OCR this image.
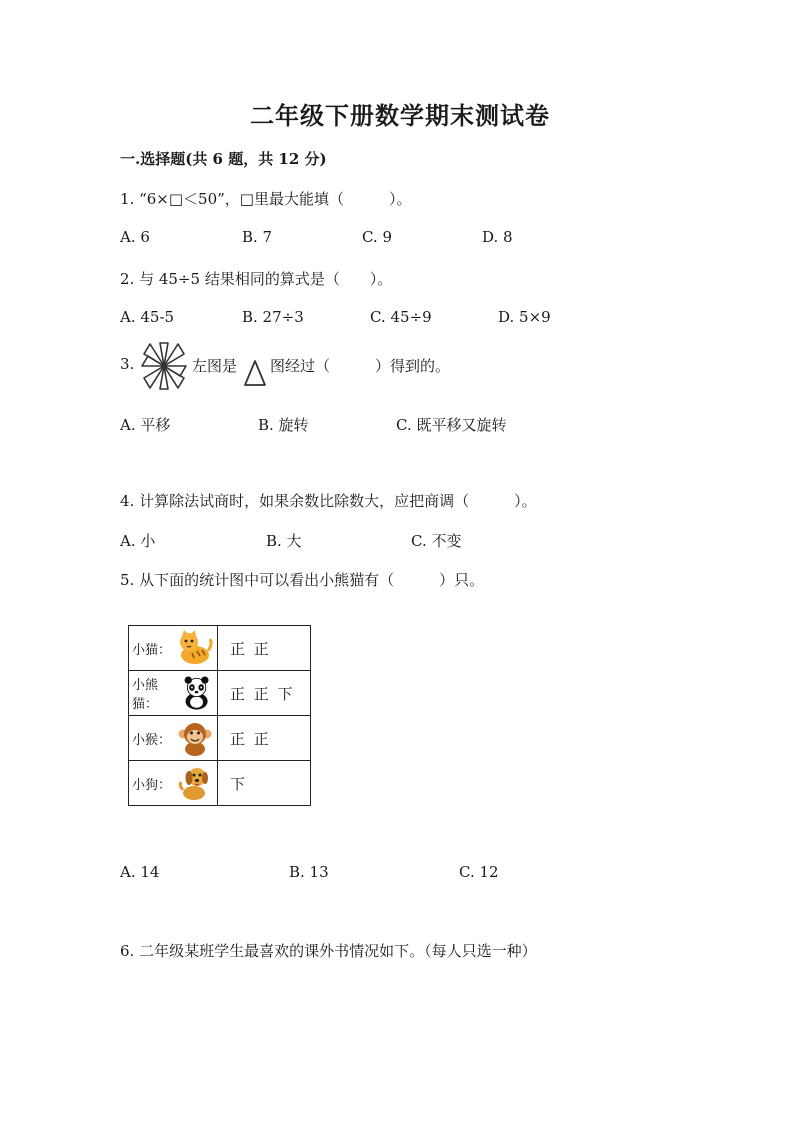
二年级下册数学期末测试卷
一.选择题(共 6 题，共 12 分)
1. “6×□＜50”，□里最大能填（　　　）。
A. 6	B. 7	C. 9	D. 8
2. 与 45÷5 结果相同的算式是（　　）。
A. 45-5	B. 27÷3	C. 45÷9	D. 5×9
3.	左图是 图经过（　　　）得到的。
A. 平移	B. 旋转	C. 既平移又旋转
4. 计算除法试商时，如果余数比除数大，应把商调（　　　）。
A. 小	B. 大	C. 不变
5. 从下面的统计图中可以看出小熊猫有（　　　）只。
小猫：	正 正

小熊猫：	正 正 下

小猴：	正 正

小狗：	下
A. 14	B. 13	C. 12
6. 二年级某班学生最喜欢的课外书情况如下。（每人只选一种）
